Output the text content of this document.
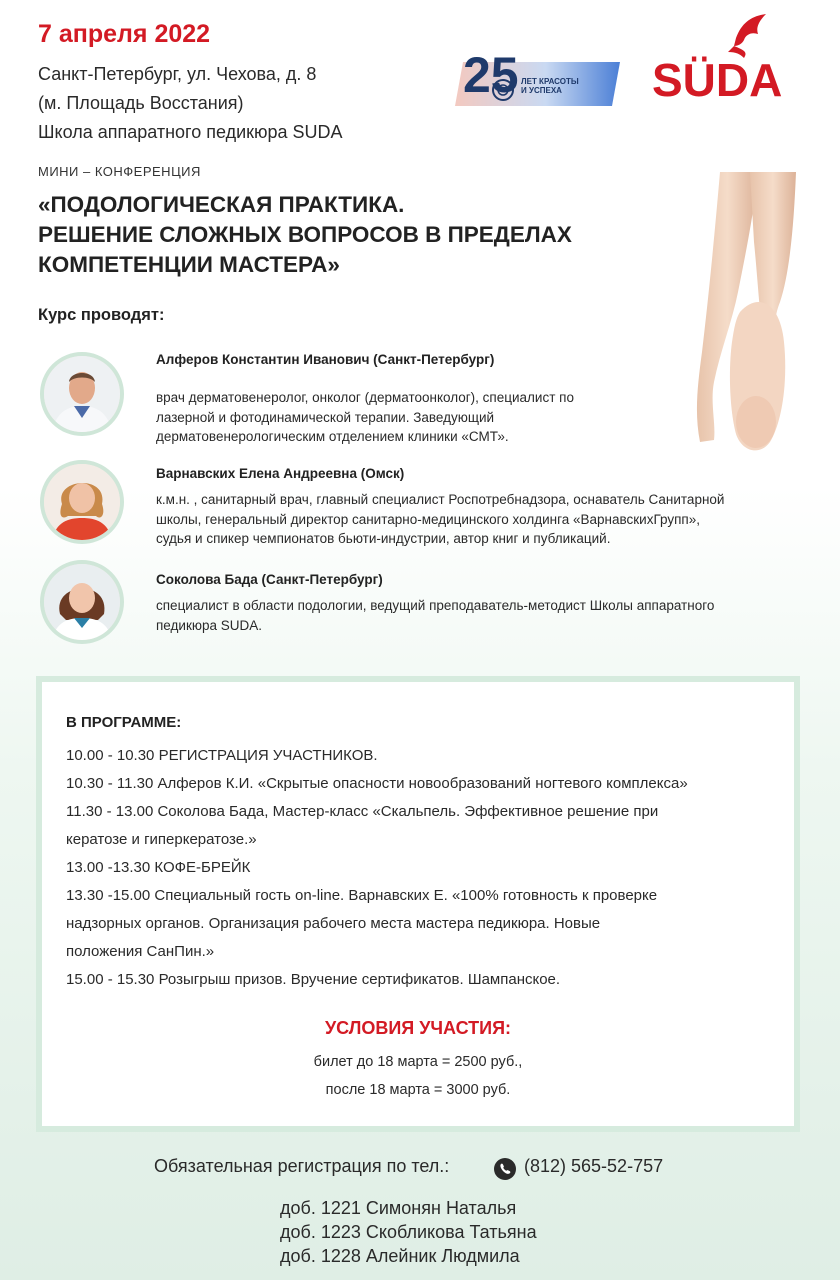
7 апреля 2022
Санкт-Петербург, ул. Чехова, д. 8
(м. Площадь Восстания)
Школа аппаратного педикюра SUDA
25 ЛЕТ КРАСОТЫ
И УСПЕХА SÜDA
МИНИ – КОНФЕРЕНЦИЯ
«ПОДОЛОГИЧЕСКАЯ ПРАКТИКА.
РЕШЕНИЕ СЛОЖНЫХ ВОПРОСОВ В ПРЕДЕЛАХ
КОМПЕТЕНЦИИ МАСТЕРА»
Курс проводят:
Алферов Константин Иванович (Санкт-Петербург)
врач дерматовенеролог, онколог (дерматоонколог), специалист по
лазерной и фотодинамической терапии. Заведующий
дерматовенерологическим отделением клиники «СМТ».
Варнавских Елена Андреевна (Омск)
к.м.н. , санитарный врач, главный специалист Роспотребнадзора, оснаватель Санитарной
школы, генеральный директор санитарно-медицинского холдинга «ВарнавскихГрупп»,
судья и спикер чемпионатов бьюти-индустрии, автор книг и публикаций.
Соколова Бада (Санкт-Петербург)
специалист в области подологии, ведущий преподаватель-методист Школы аппаратного
педикюра SUDA.
В ПРОГРАММЕ:
10.00 - 10.30 РЕГИСТРАЦИЯ УЧАСТНИКОВ.
10.30 - 11.30 Алферов К.И. «Скрытые опасности новообразований ногтевого комплекса»
11.30 - 13.00 Соколова Бада, Мастер-класс «Скальпель. Эффективное решение при
кератозе и гиперкератозе.»
13.00 -13.30 КОФЕ-БРЕЙК
13.30 -15.00 Специальный гость on-line. Варнавских Е. «100% готовность к проверке
надзорных органов. Организация рабочего места мастера педикюра. Новые
положения СанПин.»
15.00 - 15.30 Розыгрыш призов. Вручение сертификатов. Шампанское.
УСЛОВИЯ УЧАСТИЯ:
билет до 18 марта = 2500 руб.,
после 18 марта = 3000 руб.
Обязательная регистрация по тел.:	(812) 565-52-757
доб. 1221 Симонян Наталья
доб. 1223 Скобликова Татьяна
доб. 1228 Алейник Людмила
